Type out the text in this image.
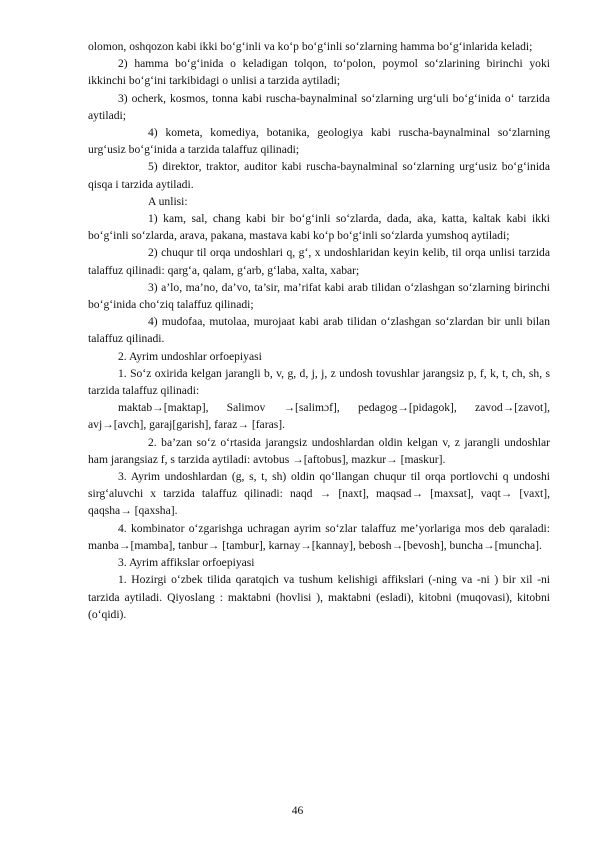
olomon, oshqozon kabi ikki bo‘g‘inli va ko‘p bo‘g‘inli so‘zlarning hamma bo‘g‘inlarida keladi;

2) hamma bo‘g‘inida o keladigan tolqon, to‘polon, poymol so‘zlarining birinchi yoki ikkinchi bo‘g‘ini tarkibidagi o unlisi a tarzida aytiladi;

3) ocherk, kosmos, tonna kabi ruscha-baynalminal so‘zlarning urg‘uli bo‘g‘inida o‘ tarzida aytiladi;

4) kometa, komediya, botanika, geologiya kabi ruscha-baynalminal so‘zlarning urg‘usiz bo‘g‘inida a tarzida talaffuz qilinadi;

5) direktor, traktor, auditor kabi ruscha-baynalminal so‘zlarning urg‘usiz bo‘g‘inida qisqa i tarzida aytiladi.

A unlisi:

1) kam, sal, chang kabi bir bo‘g‘inli so‘zlarda, dada, aka, katta, kaltak kabi ikki bo‘g‘inli so‘zlarda, arava, pakana, mastava kabi ko‘p bo‘g‘inli so‘zlarda yumshoq aytiladi;

2) chuqur til orqa undoshlari q, g‘, x undoshlaridan keyin kelib, til orqa unlisi tarzida talaffuz qilinadi: qarg‘a, qalam, g‘arb, g‘laba, xalta, xabar;

3) a’lo, ma’no, da’vo, ta’sir, ma’rifat kabi arab tilidan o‘zlashgan so‘zlarning birinchi bo‘g‘inida cho‘ziq talaffuz qilinadi;

4) mudofaa, mutolaa, murojaat kabi arab tilidan o‘zlashgan so‘zlardan bir unli bilan talaffuz qilinadi.

2. Ayrim undoshlar orfoepiyasi

1. So‘z oxirida kelgan jarangli b, v, g, d, j, j, z undosh tovushlar jarangsiz p, f, k, t, ch, sh, s tarzida talaffuz qilinadi:

maktab→[maktap], Salimov →[salimɔf], pedagog→[pidagok], zavod→[zavot], avj→[avch], garaj[garish], faraz→ [faras].

2. ba’zan so‘z o‘rtasida jarangsiz undoshlardan oldin kelgan v, z jarangli undoshlar ham jarangsiaz f, s tarzida aytiladi: avtobus →[aftobus], mazkur→ [maskur].

3. Ayrim undoshlardan (g, s, t, sh) oldin qo‘llangan chuqur til orqa portlovchi q undoshi sirg‘aluvchi x tarzida talaffuz qilinadi: naqd → [naxt], maqsad→ [maxsat], vaqt→ [vaxt], qaqsha→ [qaxsha].

4. kombinator o‘zgarishga uchragan ayrim so‘zlar talaffuz me’yorlariga mos deb qaraladi: manba→[mamba], tanbur→ [tambur], karnay→[kannay], bebosh→[bevosh], buncha→[muncha].

3. Ayrim affikslar orfoepiyasi

1. Hozirgi o‘zbek tilida qaratqich va tushum kelishigi affikslari (-ning va -ni ) bir xil -ni tarzida aytiladi. Qiyoslang : maktabni (hovlisi ), maktabni (esladi), kitobni (muqovasi), kitobni (o‘qidi).

46
